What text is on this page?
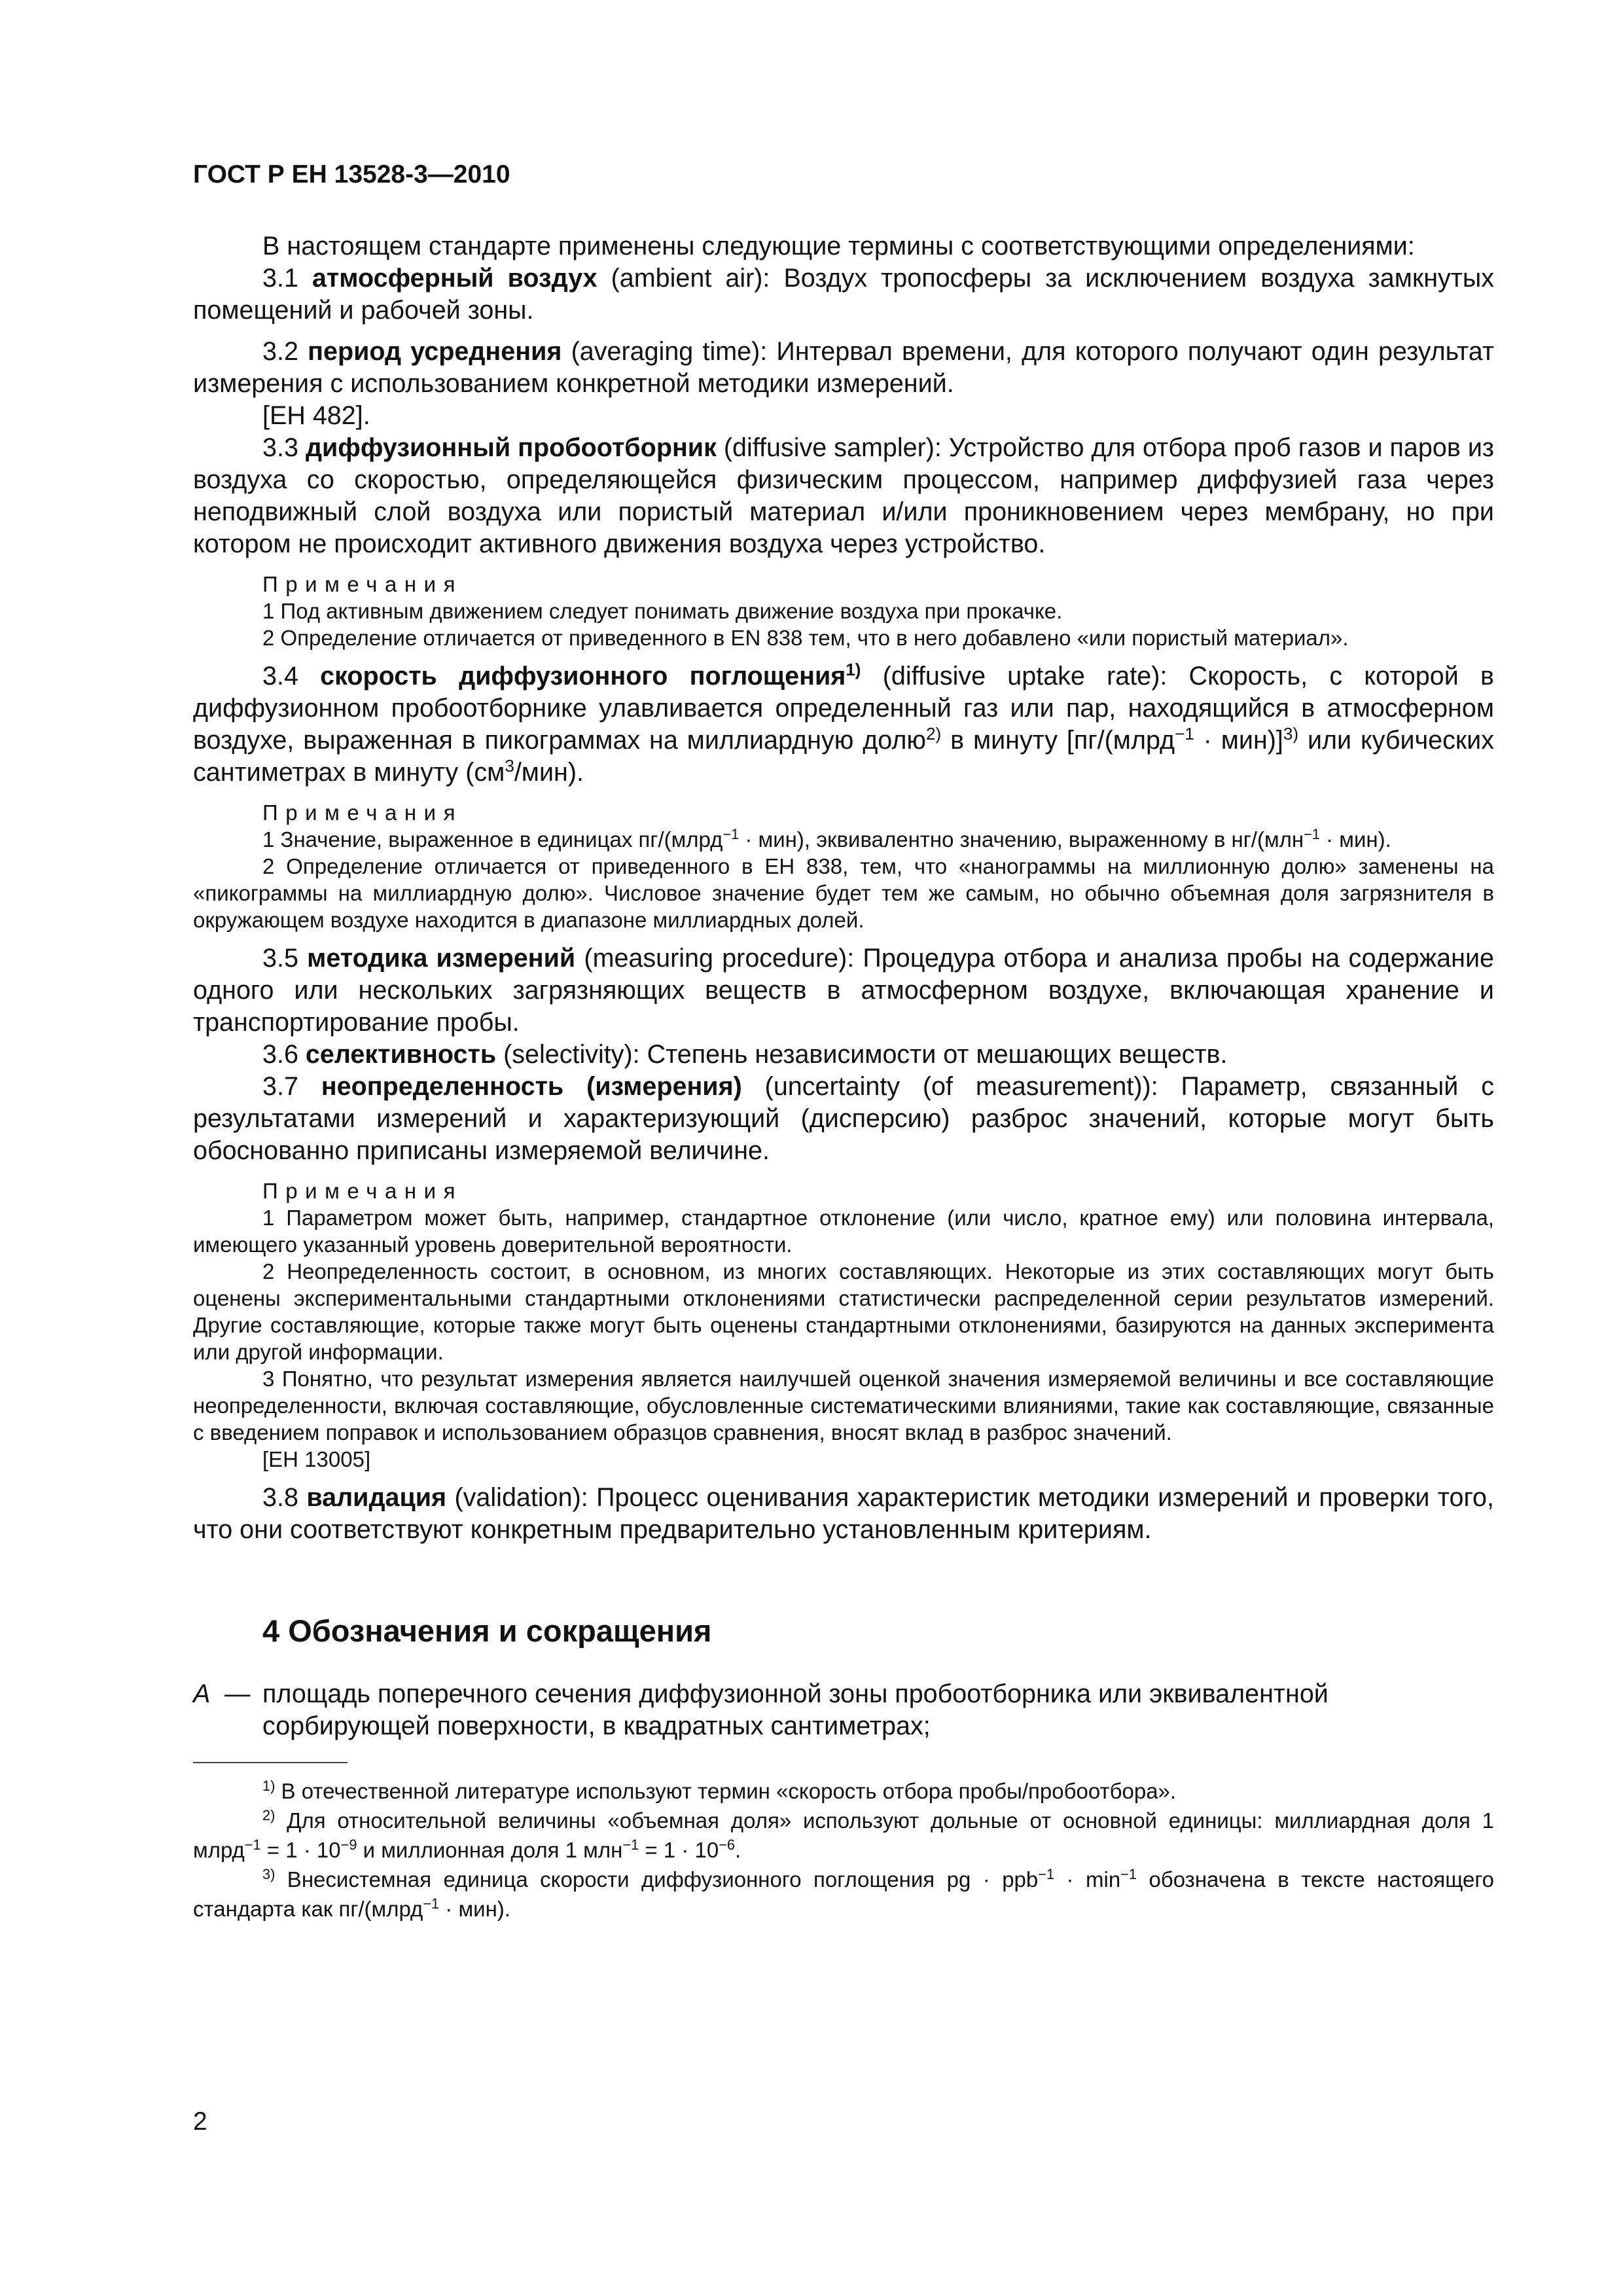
ГОСТ Р ЕН 13528-3—2010

В настоящем стандарте применены следующие термины с соответствующими определениями:

3.1 атмосферный воздух (ambient air): Воздух тропосферы за исключением воздуха замкнутых помещений и рабочей зоны.

3.2 период усреднения (averaging time): Интервал времени, для которого получают один результат измерения с использованием конкретной методики измерений.

[ЕН 482].

3.3 диффузионный пробоотборник (diffusive sampler): Устройство для отбора проб газов и паров из воздуха со скоростью, определяющейся физическим процессом, например диффузией газа через неподвижный слой воздуха или пористый материал и/или проникновением через мембрану, но при котором не происходит активного движения воздуха через устройство.

Примечания
1 Под активным движением следует понимать движение воздуха при прокачке.
2 Определение отличается от приведенного в EN 838 тем, что в него добавлено «или пористый материал».

3.4 скорость диффузионного поглощения$^{1)}$ (diffusive uptake rate): Скорость, с которой в диффузионном пробоотборнике улавливается определенный газ или пар, находящийся в атмосферном воздухе, выраженная в пикограммах на миллиардную долю$^{2)}$ в минуту [пг/(млрд$^{-1}$ · мин)]$^{3)}$ или кубических сантиметрах в минуту $(см^3/мин)$.

Примечания
1 Значение, выраженное в единицах пг/(млрд$^{-1}$ · мин), эквивалентно значению, выраженному в нг/(млн$^{-1}$ · мин).
2 Определение отличается от приведенного в ЕН 838, тем, что «нанограммы на миллионную долю» заменены на «пикограммы на миллиардную долю». Числовое значение будет тем же самым, но обычно объемная доля загрязнителя в окружающем воздухе находится в диапазоне миллиардных долей.

3.5 методика измерений (measuring procedure): Процедура отбора и анализа пробы на содержание одного или нескольких загрязняющих веществ в атмосферном воздухе, включающая хранение и транспортирование пробы.

3.6 селективность (selectivity): Степень независимости от мешающих веществ.

3.7 неопределенность (измерения) (uncertainty (of measurement)): Параметр, связанный с результатами измерений и характеризующий (дисперсию) разброс значений, которые могут быть обоснованно приписаны измеряемой величине.

Примечания
1 Параметром может быть, например, стандартное отклонение (или число, кратное ему) или половина интервала, имеющего указанный уровень доверительной вероятности.
2 Неопределенность состоит, в основном, из многих составляющих. Некоторые из этих составляющих могут быть оценены экспериментальными стандартными отклонениями статистически распределенной серии результатов измерений. Другие составляющие, которые также могут быть оценены стандартными отклонениями, базируются на данных эксперимента или другой информации.
3 Понятно, что результат измерения является наилучшей оценкой значения измеряемой величины и все составляющие неопределенности, включая составляющие, обусловленные систематическими влияниями, такие как составляющие, связанные с введением поправок и использованием образцов сравнения, вносят вклад в разброс значений.
[ЕН 13005]

3.8 валидация (validation): Процесс оценивания характеристик методики измерений и проверки того, что они соответствуют конкретным предварительно установленным критериям.

4 Обозначения и сокращения
A — площадь поперечного сечения диффузионной зоны пробоотборника или эквивалентной сорбирующей поверхности, в квадратных сантиметрах;
$^{1)}$ В отечественной литературе используют термин «скорость отбора пробы/пробоотбора».
$^{2)}$ Для относительной величины «объемная доля» используют дольные от основной единицы: миллиардная доля 1 млрд$^{-1}$ = $1 \cdot 10^{-9}$ и миллионная доля 1 $млн^{-1} = 1 \cdot 10^{-6}$.
$^{3)}$ Внесистемная единица скорости диффузионного поглощения pg · $ppb^{-1} \cdot \min^{-1}$ обозначена в тексте настоящего стандарта как пг/(млрд$^{-1}$ · мин).
2
